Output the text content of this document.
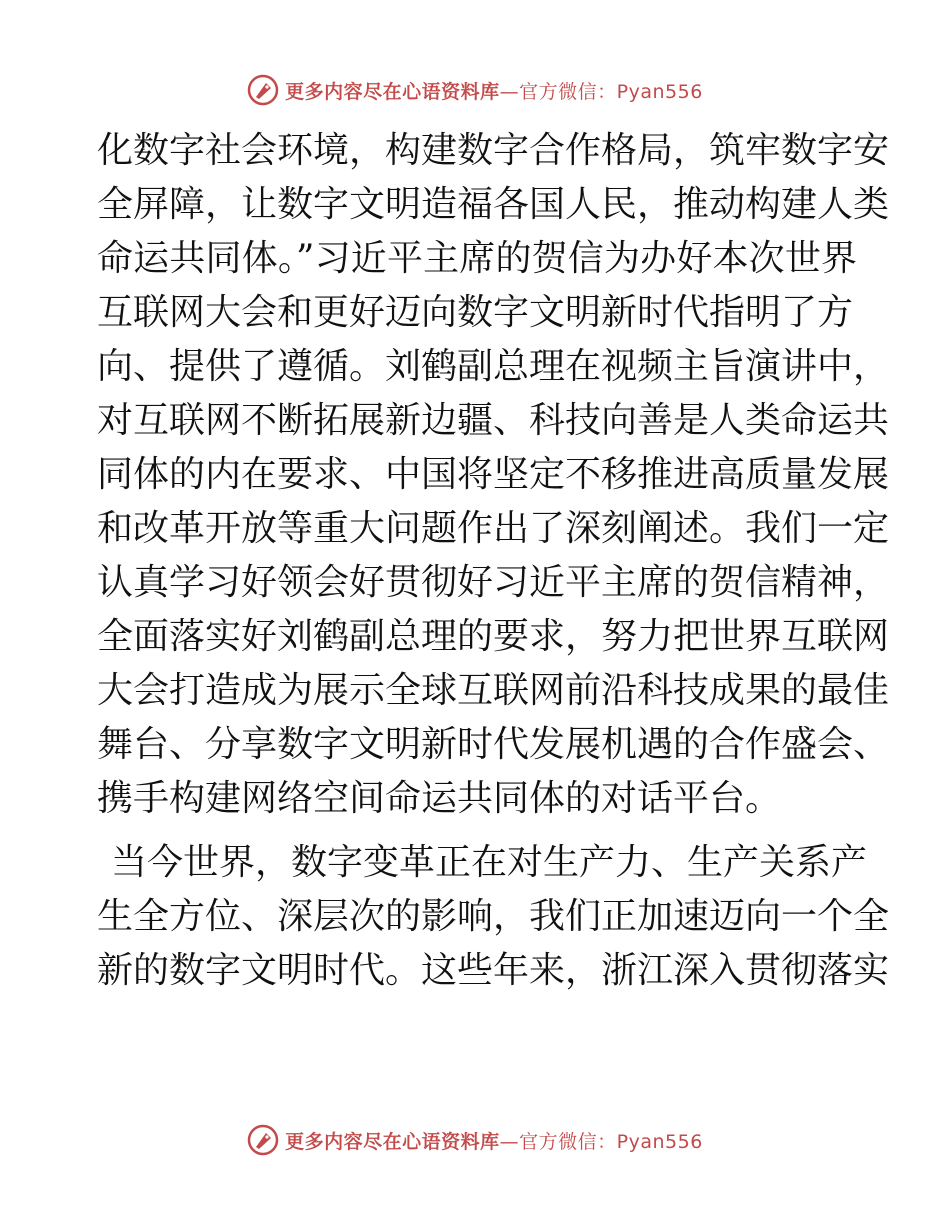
更多内容尽在心语资料库—官方微信：Pyan556

化数字社会环境，构建数字合作格局，筑牢数字安
全屏障，让数字文明造福各国人民，推动构建人类
命运共同体。”习近平主席的贺信为办好本次世界
互联网大会和更好迈向数字文明新时代指明了方
向、提供了遵循。刘鹤副总理在视频主旨演讲中，
对互联网不断拓展新边疆、科技向善是人类命运共
同体的内在要求、中国将坚定不移推进高质量发展
和改革开放等重大问题作出了深刻阐述。我们一定
认真学习好领会好贯彻好习近平主席的贺信精神，
全面落实好刘鹤副总理的要求，努力把世界互联网
大会打造成为展示全球互联网前沿科技成果的最佳
舞台、分享数字文明新时代发展机遇的合作盛会、
携手构建网络空间命运共同体的对话平台。

当今世界，数字变革正在对生产力、生产关系产
生全方位、深层次的影响，我们正加速迈向一个全
新的数字文明时代。这些年来，浙江深入贯彻落实

更多内容尽在心语资料库—官方微信：Pyan556
